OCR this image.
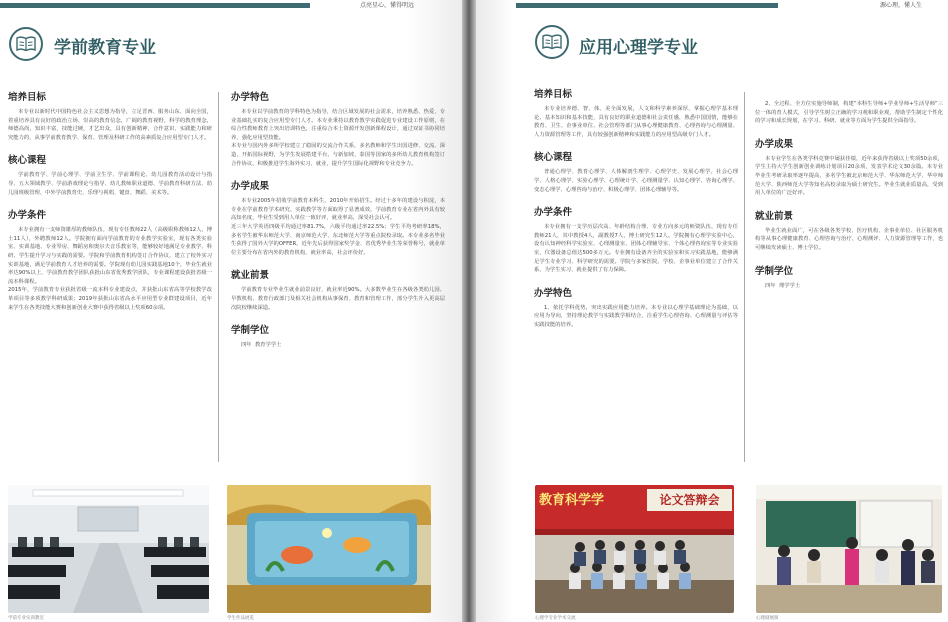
点亮星心，懂得明远
学前教育专业
培养目标
本专业以新时代中国特色社会主义思想为指导，立足晋西、服务山东、面向全国，着重培养具有良好的政治立场、崇高的教育信念，广阔的教育视野，科学的教育理念，师德高尚，知识丰富，技能过硬，才艺出众，具有创新精神、合作意识、实践能力和研究能力的，从事学前教育教学、保育、管理及科研工作的高素质复合应用型专门人才。
核心课程
学前教育学、学前心理学、学前卫生学、学前课程论、幼儿园教育活动设计与指导、五大领域教学、学前游戏理论与指导、幼儿教师职业道德、学前教育科研方法、幼儿园班级管理、中外学前教育史、乐理与视唱、键盘、舞蹈、美术等。
办学条件
本专业拥有一支师资雄厚的教师队伍，现有专任教师22人（高级职称教师12人，博士11人），外聘教师12人。学院拥有面向学前教育的专业教学实验室，现有各类实验室、实训基地、专业琴房、舞蹈房和奥尔夫音乐教室等，能够较好地满足专业教学、科研、学生提升学习与实践的需要。学院和学前教育机构签订合作协议，建立了校外实习实训基地，满足学前教育人才培养的需要。学院现有幼儿园实践基地10个，毕业生就业率达90%以上，学前教育教学团队获批山东省优秀教学团队，专业课程建设获批省级一流本科课程。
2015年，学前教育专业获批省级一流本科专业建设点，并获批山东省高等学校教学改革项目等多项教学科研成果；2019年获批山东省高水平应用型专业群建设项目，近年来学生在各类技能大赛和创新创业大赛中获得省级以上奖项60余项。
办学特色
本专业以学前教育的学科特色为指导，结合区域发展的社会需求，培养熟悉、热爱、专业基础扎实的复合应用型专门人才。本专业秉持以教育教学实践促进专业建设工作原则，在综合性教师教育上突出培训特色，注重综合本土资源开发创新课程设计，通过双证书协同培养，强化应用型技能。
本专业与国内外多所学校建立了稳固的交流合作关系，多名教师和学生出国进修、交流、深造，开拓国际视野，为学生发展搭建平台，与新加坡、泰国等国家的多所幼儿教育机构签订合作协议，积极推进学生海外实习、就业，提升学生国际化视野和专业竞争力。
办学成果
本专业2005年招收学前教育本科生，2010年开始招生。经过十多年的建设与积淀，本专业在学前教育学术研究、实践教学等方面取得了显著成效，学前教育专业在省内外具有较高知名度，毕业生受到用人单位一致好评，就业率高，深受社会认可。
近三年大学英语四级平均通过率81.7%，六级平均通过率22.5%；学生平均考研率18%，多名学生被华东师范大学、南京师范大学、东北师范大学等重点院校录取。本专业多名毕业生获得了国外大学的OFFER，近年先后获得国家奖学金、省优秀毕业生等荣誉称号，就业单位主要分布在省内外的教育机构，就业率高，社会评价好。
就业前景
学前教育专业毕业生就业前景良好，就业率近90%。大多数毕业生在各级各类幼儿园、早教机构、教育行政部门及相关社会机构从事保育、教育和管理工作，部分学生升入更高层次院校继续深造。
学制学位
四年  教育学学士
学前专业实训教室	学生作品展览
源心理，懂人生
应用心理学专业
培养目标
本专业培养德、智、体、美全面发展，人文和科学素养深厚，掌握心理学基本理论、基本知识和基本技能，具有良好的职业道德和社会责任感，熟悉中国国情，能够在教育、卫生、企事业单位、社会管理等部门从事心理健康教育、心理咨询与心理测量、人力资源管理等工作，具有较强创新精神和实践能力的应用型高级专门人才。
核心课程
普通心理学、教育心理学、人体解剖生理学、心理学史、发展心理学、社会心理学、人格心理学、实验心理学、心理统计学、心理测量学、认知心理学、咨询心理学、变态心理学、心理咨询与治疗、积极心理学、团体心理辅导等。
办学条件
本专业拥有一支学历层次高、年龄结构合理、专业方向多元的师资队伍，现有专任教师21人，其中教授4人，副教授7人，博士研究生12人。学院拥有心理学实验中心，设有认知神经科学实验室、心理测量室、团体心理辅导室、个体心理咨询室等专业实验室，仪器设备总值达500多万元。专业拥有设备齐全的实验室和实习实践基地，能够满足学生专业学习、科学研究的需要。学院与多家医院、学校、企事业单位建立了合作关系，为学生实习、就业提供了有力保障。
办学特色
1、依托学科优势，突出实践应用能力培养。本专业以心理学基础理论为基础，以应用为导向，坚持理论教学与实践教学相结合，注重学生心理咨询、心理测量与评估等实践技能的培养。
2、全过程、全方位实施导师制，构建“本科生导师+学业导师+生活导师”三位一体的育人模式，引导学生树立正确的学习观和职业观，帮助学生制定个性化的学习和成长规划，在学习、科研、就业等方面为学生提供全面指导。
办学成果
本专业学生在各类学科竞赛中屡获佳绩，近年来获得省级以上奖项50余项，学生主持大学生创新创业训练计划项目20余项，发表学术论文30余篇。本专业毕业生考研录取率逐年提高，多名学生被北京师范大学、华东师范大学、华中师范大学、陕西师范大学等知名高校录取为硕士研究生。毕业生就业质量高，受到用人单位的广泛好评。
就业前景
毕业生就业面广，可在各级各类学校、医疗机构、企事业单位、社区服务机构等从事心理健康教育、心理咨询与治疗、心理测评、人力资源管理等工作，也可继续攻读硕士、博士学位。
学制学位
四年  理学学士
教育科学学	论文答辩会
心理学专业学术交流	心理剧展演
